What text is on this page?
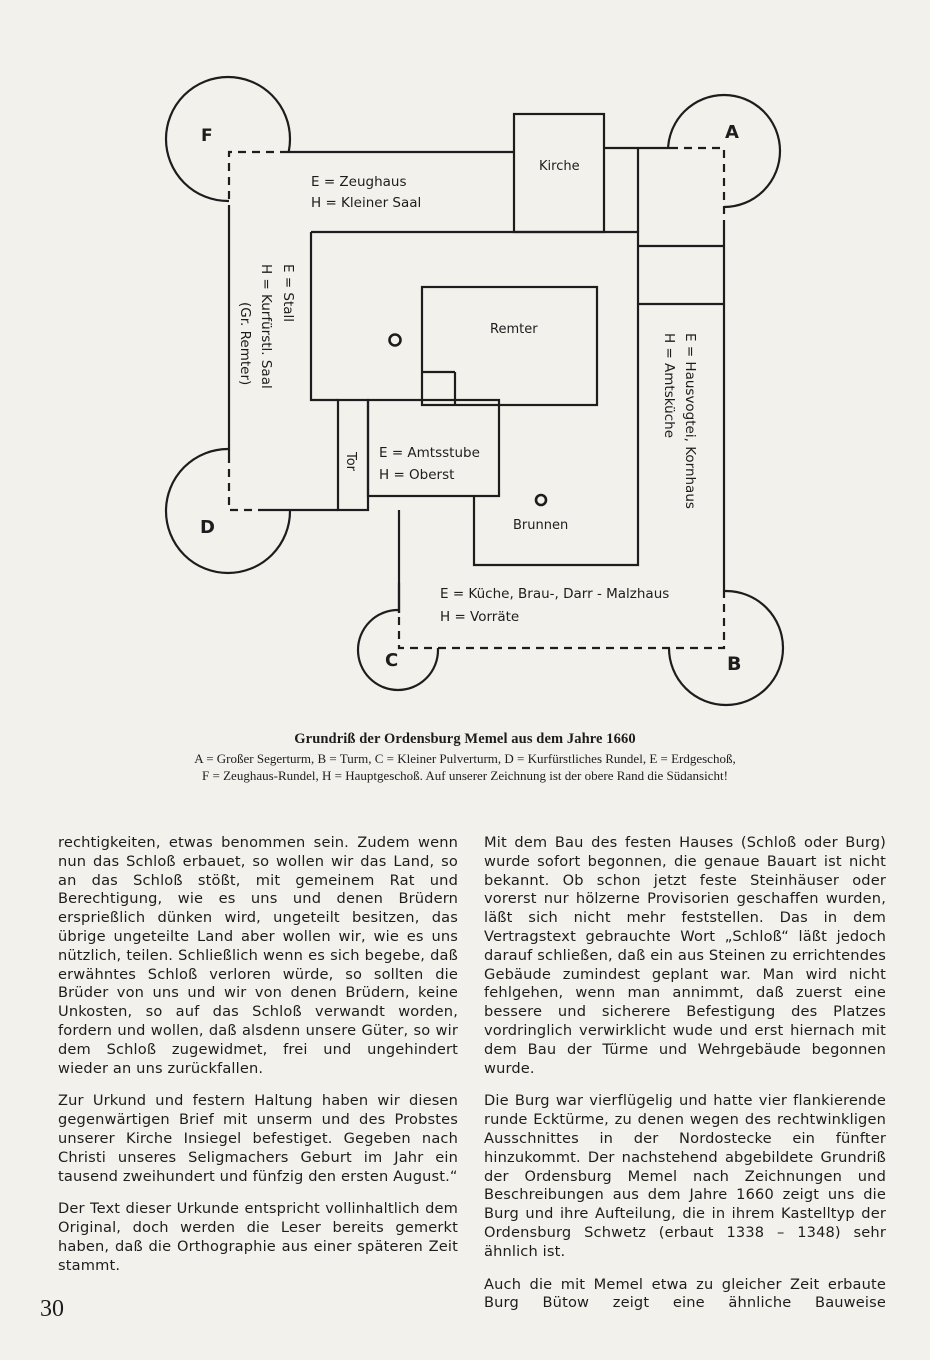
F	A
D
C	B
Kirche
E = Zeughaus
H = Kleiner Saal
E = Stall
H = Kurfürstl. Saal
(Gr. Remter)	Remter
Tor E = Amtsstube
H = Oberst
Brunnen
E = Hausvogtei, Kornhaus
H = Amtsküche
E = Küche, Brau-, Darr - Malzhaus
H = Vorräte
Grundriß der Ordensburg Memel aus dem Jahre 1660
A = Großer Segerturm, B = Turm, C = Kleiner Pulverturm, D = Kurfürstliches Rundel, E = Erdgeschoß,
F = Zeughaus-Rundel, H = Hauptgeschoß. Auf unserer Zeichnung ist der obere Rand die Südansicht!

rechtigkeiten, etwas benommen sein. Zudem wenn nun das Schloß erbauet, so wollen wir das Land, so an das Schloß stößt, mit gemeinem Rat und Berechtigung, wie es uns und denen Brüdern ersprießlich dünken wird, ungeteilt besitzen, das übrige ungeteilte Land aber wollen wir, wie es uns nützlich, teilen. Schließlich wenn es sich begebe, daß erwähntes Schloß verloren würde, so sollten die Brüder von uns und wir von denen Brüdern, keine Unkosten, so auf das Schloß verwandt worden, fordern und wollen, daß alsdenn unsere Güter, so wir dem Schloß zugewidmet, frei und ungehindert wieder an uns zurückfallen.

Zur Urkund und festern Haltung haben wir diesen gegenwärtigen Brief mit unserm und des Probstes unserer Kirche Insiegel befestiget. Gegeben nach Christi unseres Seligmachers Geburt im Jahr ein tausend zweihundert und fünfzig den ersten August.“

Der Text dieser Urkunde entspricht vollinhaltlich dem Original, doch werden die Leser bereits gemerkt haben, daß die Orthographie aus einer späteren Zeit stammt.

Mit dem Bau des festen Hauses (Schloß oder Burg) wurde sofort begonnen, die genaue Bauart ist nicht bekannt. Ob schon jetzt feste Steinhäuser oder vorerst nur hölzerne Provisorien geschaffen wurden, läßt sich nicht mehr feststellen. Das in dem Vertragstext gebrauchte Wort „Schloß“ läßt jedoch darauf schließen, daß ein aus Steinen zu errichtendes Gebäude zumindest geplant war. Man wird nicht fehlgehen, wenn man annimmt, daß zuerst eine bessere und sicherere Befestigung des Platzes vordringlich verwirklicht wude und erst hiernach mit dem Bau der Türme und Wehrgebäude begonnen wurde.

Die Burg war vierflügelig und hatte vier flankierende runde Ecktürme, zu denen wegen des rechtwinkligen Ausschnittes in der Nordostecke ein fünfter hinzukommt. Der nachstehend abgebildete Grundriß der Ordensburg Memel nach Zeichnungen und Beschreibungen aus dem Jahre 1660 zeigt uns die Burg und ihre Aufteilung, die in ihrem Kastelltyp der Ordensburg Schwetz (erbaut 1338 – 1348) sehr ähnlich ist.

Auch die mit Memel etwa zu gleicher Zeit erbaute Burg Bütow zeigt eine ähnliche Bauweise

30
